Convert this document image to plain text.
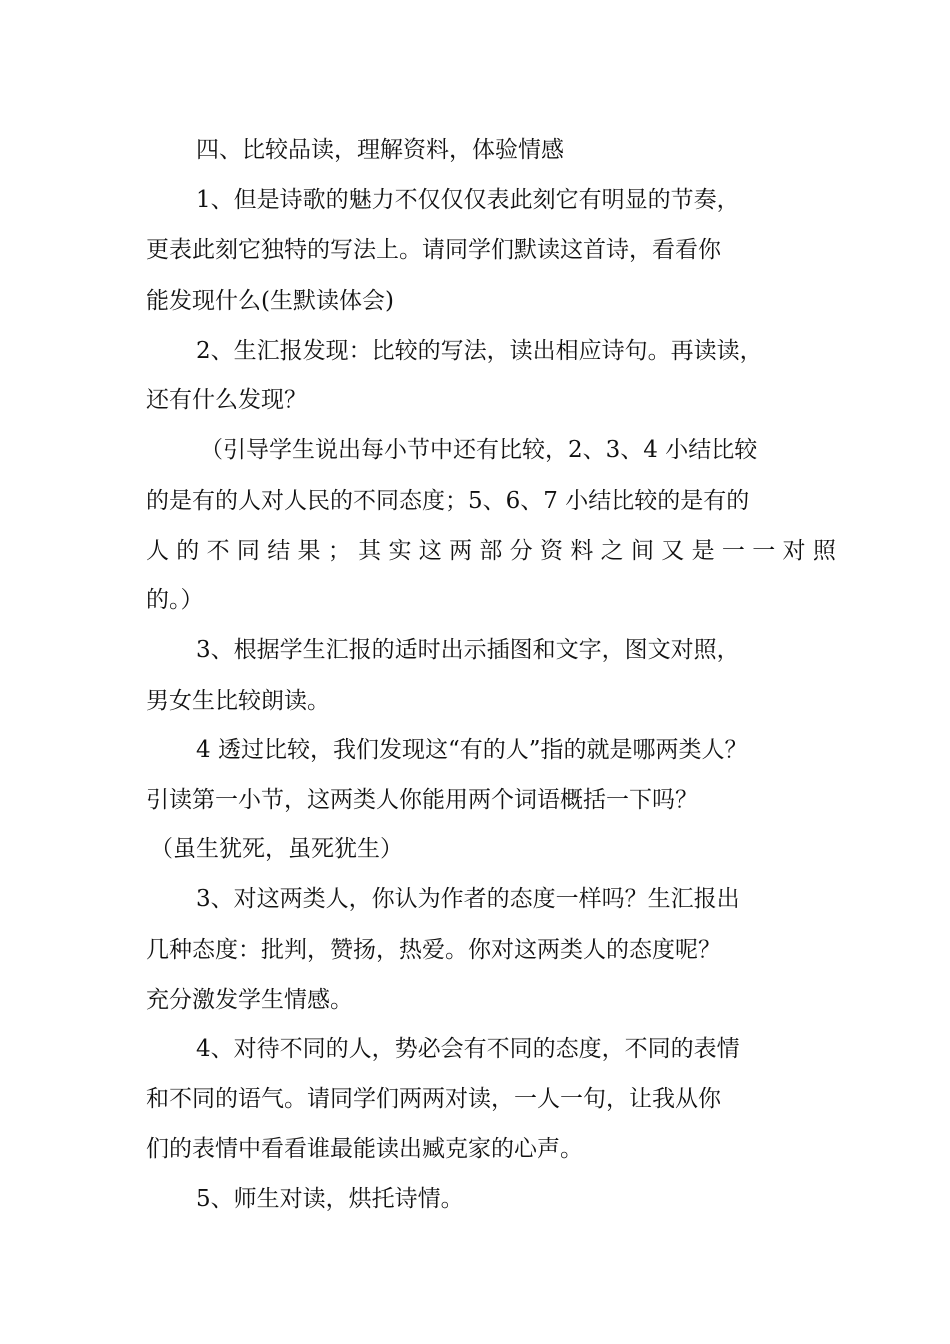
四、比较品读，理解资料，体验情感
1、但是诗歌的魅力不仅仅仅表此刻它有明显的节奏，
更表此刻它独特的写法上。请同学们默读这首诗，看看你
能发现什么(生默读体会)
2、生汇报发现：比较的写法，读出相应诗句。再读读，
还有什么发现？
（引导学生说出每小节中还有比较，2、3、4 小结比较
的是有的人对人民的不同态度；5、6、7 小结比较的是有的
人 的 不 同 结 果 ； 其 实 这 两 部 分 资 料 之 间 又 是 一 一 对 照
的。）
3、根据学生汇报的适时出示插图和文字，图文对照，
男女生比较朗读。
4 透过比较，我们发现这“有的人”指的就是哪两类人？
引读第一小节，这两类人你能用两个词语概括一下吗？
（虽生犹死，虽死犹生）
3、对这两类人，你认为作者的态度一样吗？生汇报出
几种态度：批判，赞扬，热爱。你对这两类人的态度呢？
充分激发学生情感。
4、对待不同的人，势必会有不同的态度，不同的表情
和不同的语气。请同学们两两对读，一人一句，让我从你
们的表情中看看谁最能读出臧克家的心声。
5、师生对读，烘托诗情。
